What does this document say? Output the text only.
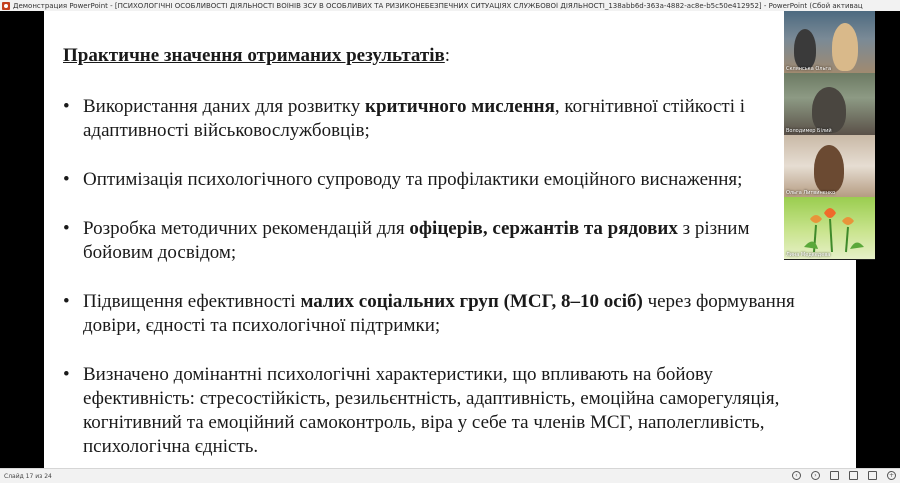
Демонстрация PowerPoint - [ПСИХОЛОГІЧНІ ОСОБЛИВОСТІ ДІЯЛЬНОСТІ ВОЇНІВ ЗСУ В ОСОБЛИВИХ ТА РИЗИКОНЕБЕЗПЕЧНИХ СИТУАЦІЯХ СЛУЖБОВОЇ ДІЯЛЬНОСТІ_138abb6d-363a-4882-ac8e-b5c50e412952] - PowerPoint (Сбой активац
Практичне значення отриманих результатів:
• Використання даних для розвитку критичного мислення, когнітивної стійкості і адаптивності військовослужбовців;
• Оптимізація психологічного супроводу та профілактики емоційного виснаження;
• Розробка методичних рекомендацій для офіцерів, сержантів та рядових з різним бойовим досвідом;
• Підвищення ефективності малих соціальних груп (МСГ, 8–10 осіб) через формування довіри, єдності та психологічної підтримки;
• Визначено домінантні психологічні характеристики, що впливають на бойову ефективність: стресостійкість, резильєнтність, адаптивність, емоційна саморегуляція, когнітивний та емоційний самоконтроль, віра у себе та членів МСГ, наполегливість, психологічна єдність.
Склянська Ольга
Володимер Білий
Ольга Литвиненко
Лина Медведева
Слайд 17 из 24	‹	›	+
